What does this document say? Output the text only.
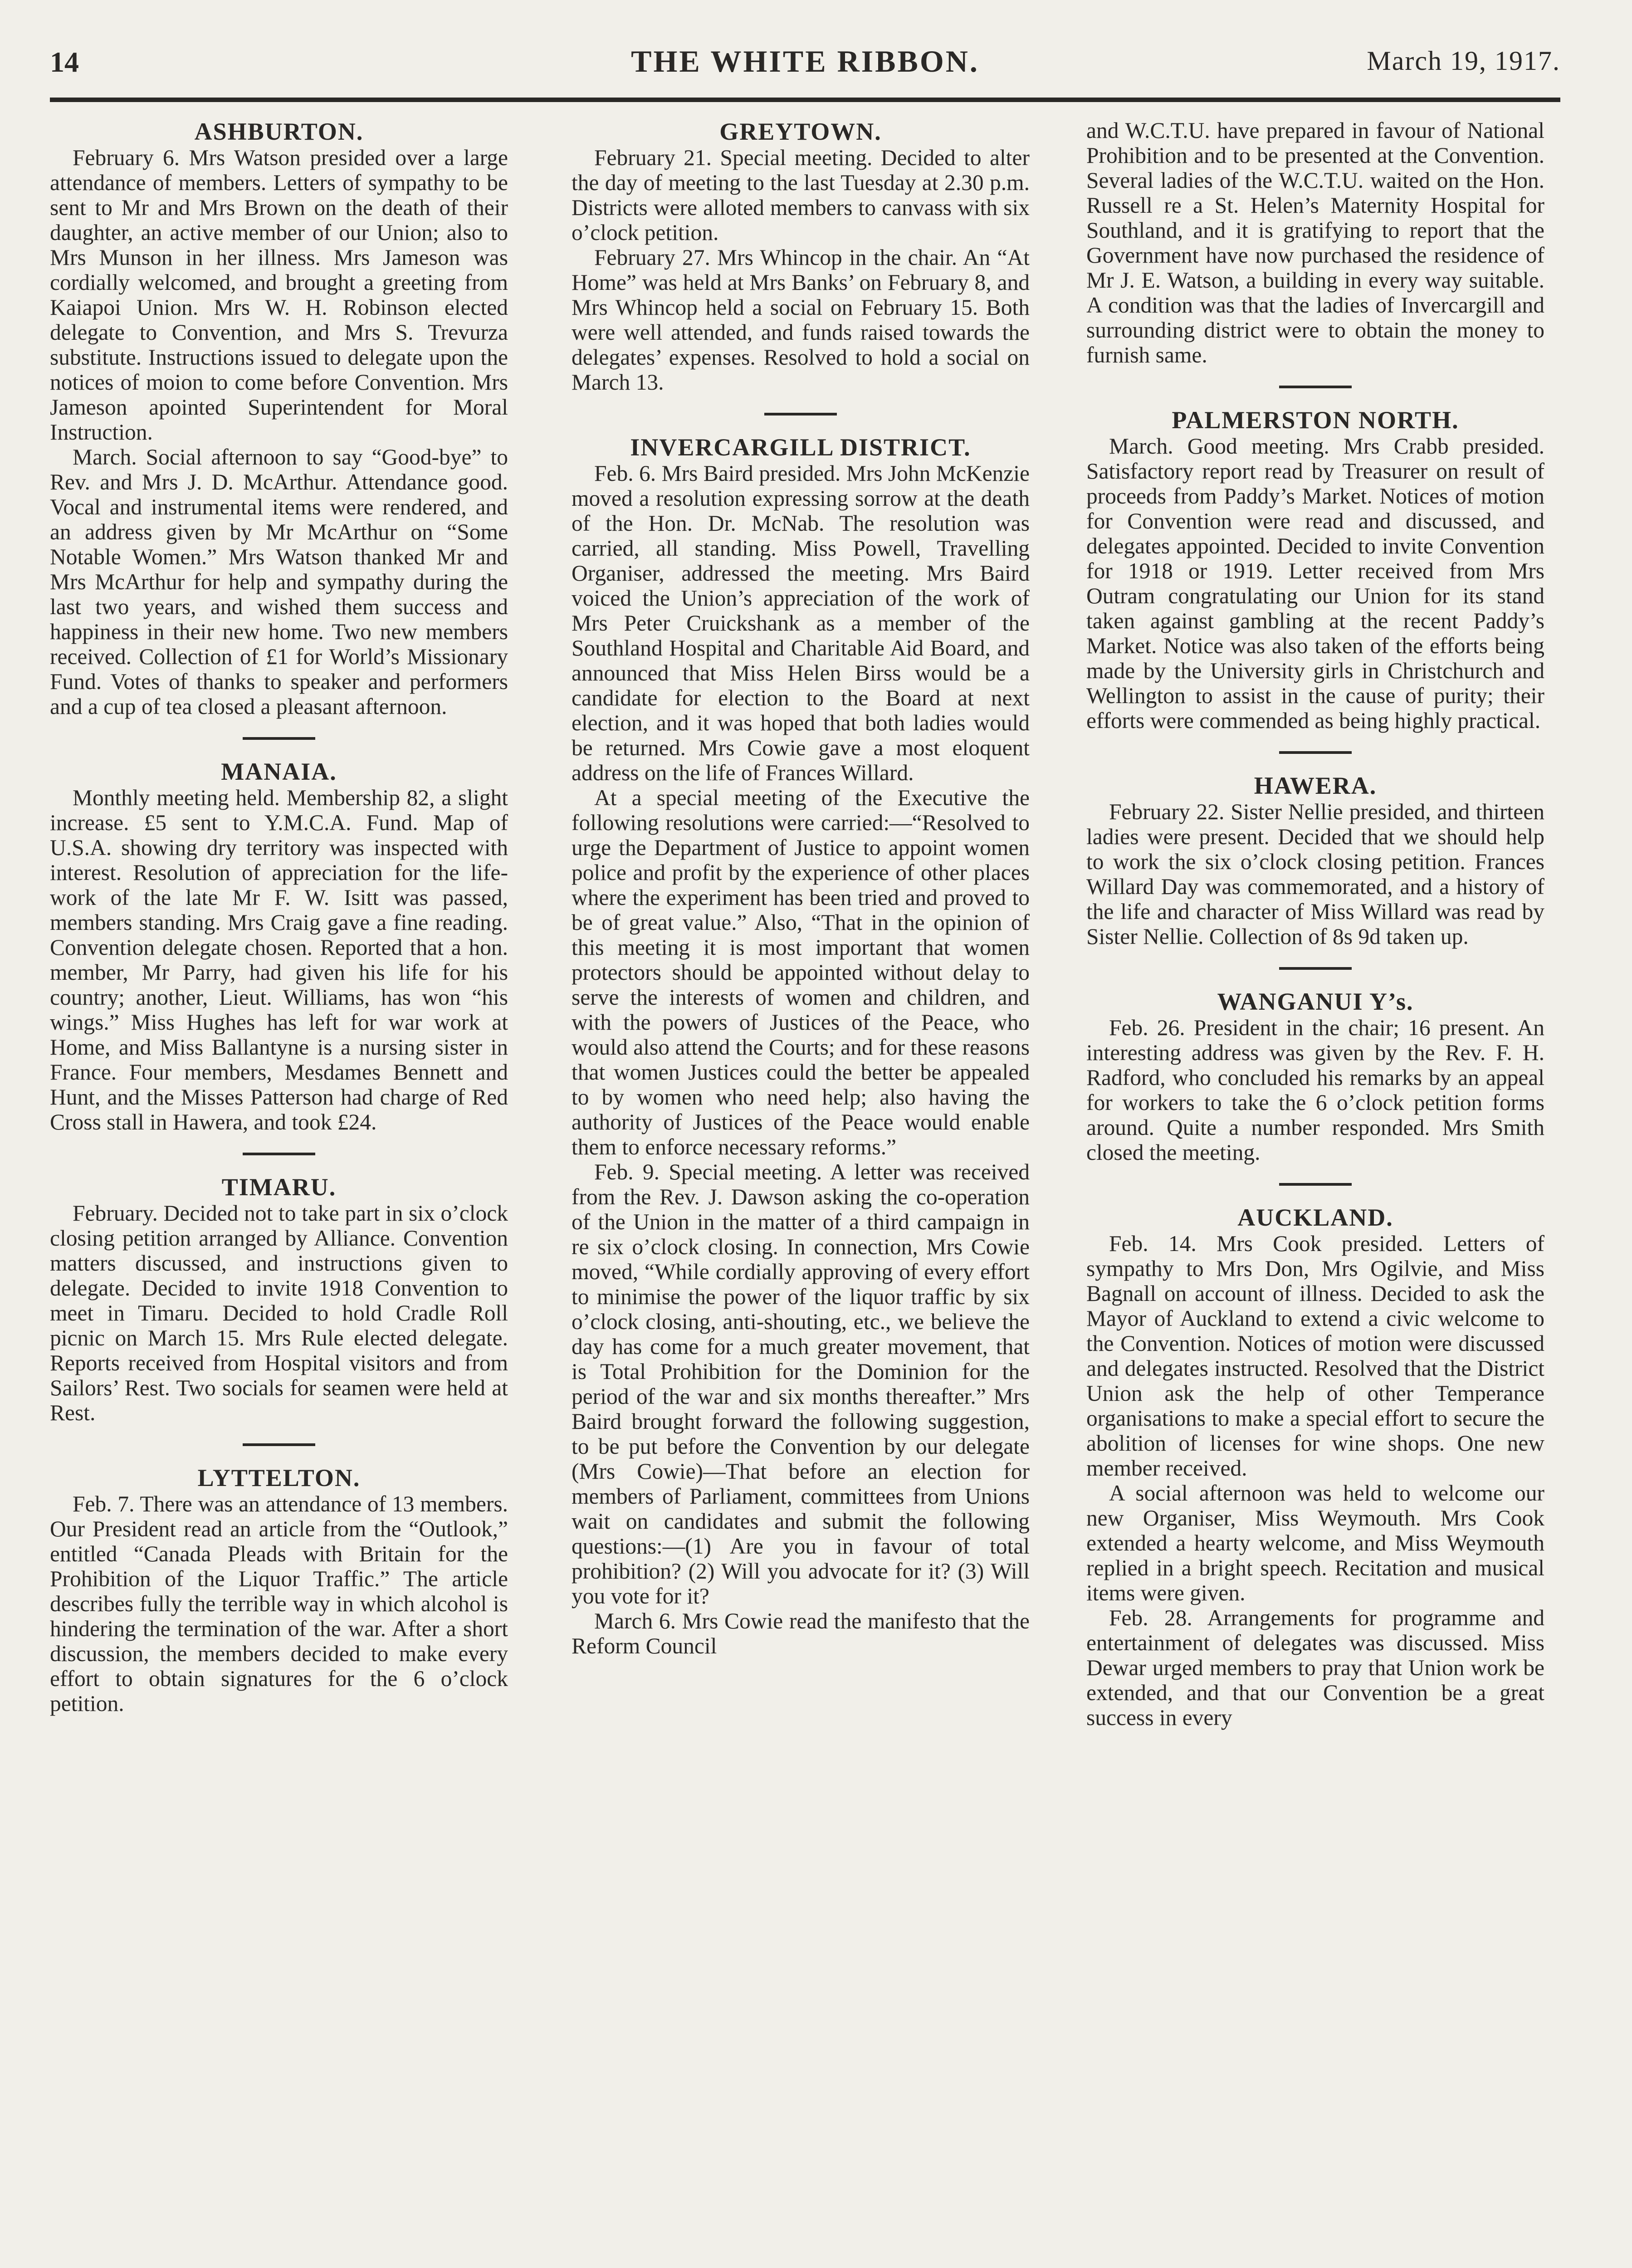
14	THE WHITE RIBBON.	March 19, 1917.
ASHBURTON.

February 6. Mrs Watson presided over a large attendance of members. Letters of sympathy to be sent to Mr and Mrs Brown on the death of their daughter, an active member of our Union; also to Mrs Munson in her illness. Mrs Jameson was cordially welcomed, and brought a greeting from Kaiapoi Union. Mrs W. H. Robinson elected delegate to Convention, and Mrs S. Trevurza substitute. Instructions issued to delegate upon the notices of moion to come before Convention. Mrs Jameson apointed Superintendent for Moral Instruction.

March. Social afternoon to say “Good-bye” to Rev. and Mrs J. D. McArthur. Attendance good. Vocal and instrumental items were rendered, and an address given by Mr McArthur on “Some Notable Women.” Mrs Watson thanked Mr and Mrs McArthur for help and sympathy during the last two years, and wished them success and happiness in their new home. Two new members received. Collection of £1 for World’s Missionary Fund. Votes of thanks to speaker and performers and a cup of tea closed a pleasant afternoon.

MANAIA.

Monthly meeting held. Membership 82, a slight increase. £5 sent to Y.M.C.A. Fund. Map of U.S.A. showing dry territory was inspected with interest. Resolution of appreciation for the life-work of the late Mr F. W. Isitt was passed, members standing. Mrs Craig gave a fine reading. Convention delegate chosen. Reported that a hon. member, Mr Parry, had given his life for his country; another, Lieut. Williams, has won “his wings.” Miss Hughes has left for war work at Home, and Miss Ballantyne is a nursing sister in France. Four members, Mesdames Bennett and Hunt, and the Misses Patterson had charge of Red Cross stall in Hawera, and took £24.

TIMARU.

February. Decided not to take part in six o’clock closing petition arranged by Alliance. Convention matters discussed, and instructions given to delegate. Decided to invite 1918 Convention to meet in Timaru. Decided to hold Cradle Roll picnic on March 15. Mrs Rule elected delegate. Reports received from Hospital visitors and from Sailors’ Rest. Two socials for seamen were held at Rest.

LYTTELTON.

Feb. 7. There was an attendance of 13 members. Our President read an article from the “Outlook,” entitled “Canada Pleads with Britain for the Prohibition of the Liquor Traffic.” The article describes fully the terrible way in which alcohol is hindering the termination of the war. After a short discussion, the members decided to make every effort to obtain signatures for the 6 o’clock petition.

GREYTOWN.

February 21. Special meeting. Decided to alter the day of meeting to the last Tuesday at 2.30 p.m. Districts were alloted members to canvass with six o’clock petition.

February 27. Mrs Whincop in the chair. An “At Home” was held at Mrs Banks’ on February 8, and Mrs Whincop held a social on February 15. Both were well attended, and funds raised towards the delegates’ expenses. Resolved to hold a social on March 13.

INVERCARGILL DISTRICT.

Feb. 6. Mrs Baird presided. Mrs John McKenzie moved a resolution expressing sorrow at the death of the Hon. Dr. McNab. The resolution was carried, all standing. Miss Powell, Travelling Organiser, addressed the meeting. Mrs Baird voiced the Union’s appreciation of the work of Mrs Peter Cruickshank as a member of the Southland Hospital and Charitable Aid Board, and announced that Miss Helen Birss would be a candidate for election to the Board at next election, and it was hoped that both ladies would be returned. Mrs Cowie gave a most eloquent address on the life of Frances Willard.

At a special meeting of the Executive the following resolutions were carried:—“Resolved to urge the Department of Justice to appoint women police and profit by the experience of other places where the experiment has been tried and proved to be of great value.” Also, “That in the opinion of this meeting it is most important that women protectors should be appointed without delay to serve the interests of women and children, and with the powers of Justices of the Peace, who would also attend the Courts; and for these reasons that women Justices could the better be appealed to by women who need help; also having the authority of Justices of the Peace would enable them to enforce necessary reforms.”

Feb. 9. Special meeting. A letter was received from the Rev. J. Dawson asking the co-operation of the Union in the matter of a third campaign in re six o’clock closing. In connection, Mrs Cowie moved, “While cordially approving of every effort to minimise the power of the liquor traffic by six o’clock closing, anti-shouting, etc., we believe the day has come for a much greater movement, that is Total Prohibition for the Dominion for the period of the war and six months thereafter.” Mrs Baird brought forward the following suggestion, to be put before the Convention by our delegate (Mrs Cowie)—That before an election for members of Parliament, committees from Unions wait on candidates and submit the following questions:—(1) Are you in favour of total prohibition? (2) Will you advocate for it? (3) Will you vote for it?

March 6. Mrs Cowie read the manifesto that the Reform Council

and W.C.T.U. have prepared in favour of National Prohibition and to be presented at the Convention. Several ladies of the W.C.T.U. waited on the Hon. Russell re a St. Helen’s Maternity Hospital for Southland, and it is gratifying to report that the Government have now purchased the residence of Mr J. E. Watson, a building in every way suitable. A condition was that the ladies of Invercargill and surrounding district were to obtain the money to furnish same.

PALMERSTON NORTH.

March. Good meeting. Mrs Crabb presided. Satisfactory report read by Treasurer on result of proceeds from Paddy’s Market. Notices of motion for Convention were read and discussed, and delegates appointed. Decided to invite Convention for 1918 or 1919. Letter received from Mrs Outram congratulating our Union for its stand taken against gambling at the recent Paddy’s Market. Notice was also taken of the efforts being made by the University girls in Christchurch and Wellington to assist in the cause of purity; their efforts were commended as being highly practical.

HAWERA.

February 22. Sister Nellie presided, and thirteen ladies were present. Decided that we should help to work the six o’clock closing petition. Frances Willard Day was commemorated, and a history of the life and character of Miss Willard was read by Sister Nellie. Collection of 8s 9d taken up.

WANGANUI Y’s.

Feb. 26. President in the chair; 16 present. An interesting address was given by the Rev. F. H. Radford, who concluded his remarks by an appeal for workers to take the 6 o’clock petition forms around. Quite a number responded. Mrs Smith closed the meeting.

AUCKLAND.

Feb. 14. Mrs Cook presided. Letters of sympathy to Mrs Don, Mrs Ogilvie, and Miss Bagnall on account of illness. Decided to ask the Mayor of Auckland to extend a civic welcome to the Convention. Notices of motion were discussed and delegates instructed. Resolved that the District Union ask the help of other Temperance organisations to make a special effort to secure the abolition of licenses for wine shops. One new member received.

A social afternoon was held to welcome our new Organiser, Miss Weymouth. Mrs Cook extended a hearty welcome, and Miss Weymouth replied in a bright speech. Recitation and musical items were given.

Feb. 28. Arrangements for programme and entertainment of delegates was discussed. Miss Dewar urged members to pray that Union work be extended, and that our Convention be a great success in every
